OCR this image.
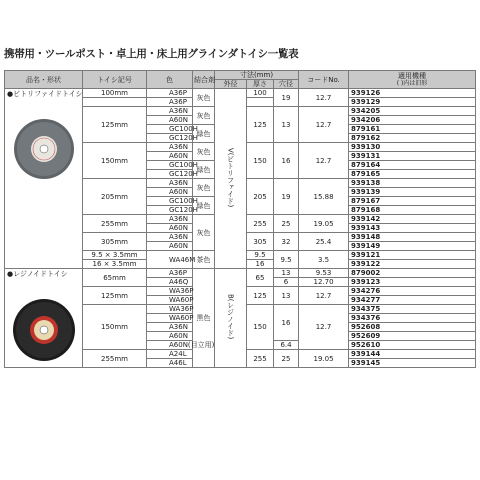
携帯用・ツールポスト・卓上用・床上用グラインダトイシ一覧表
品名・形状	トイシ記号	色	結合剤	寸法(mm)			コードNo.	適用機種
( )内は旧形	

				外径	厚さ	穴径			

●ビトリファイドトイシ	100mm	A36P	灰色	V(ビトリファイド)	100	19	12.7	939126	
		A36P						939129	
	125mm	A36N	灰色		125	13	12.7	934205	
		A60N						934206	
		GC100H	緑色					879161	
		GC120H						879162	
	150mm	A36N	灰色		150	16	12.7	939130	
		A60N						939131	
		GC100H	緑色					879164	
		GC120H						879165	
	205mm	A36N	灰色		205	19	15.88	939138	
		A60N						939139	
		GC100H	緑色					879167	
		GC120H						879168	
	255mm	A36N	灰色		255	25	19.05	939142	
		A60N						939143	
	305mm	A36N			305	32	25.4	939148	
		A60N						939149	
	9.5 × 3.5mm	WA46M	茶色		9.5	9.5	3.5	939121	
	16 × 3.5mm				16			939122	

●レジノイドトイシ	65mm	A36P	黒色	B(レジノイド)	65	13	9.53	879002	
		A46Q				6	12.70	939123	
	125mm	WA36P			125	13	12.7	934276	
		WA60P						934277	
	150mm	WA36P			150	16	12.7	934375	
		WA60P						934376	
		A36N						952608	
		A60N						952609	
		A60N(目立用)				6.4		952610	
	255mm	A24L			255	25	19.05	939144	
		A46L						939145	
